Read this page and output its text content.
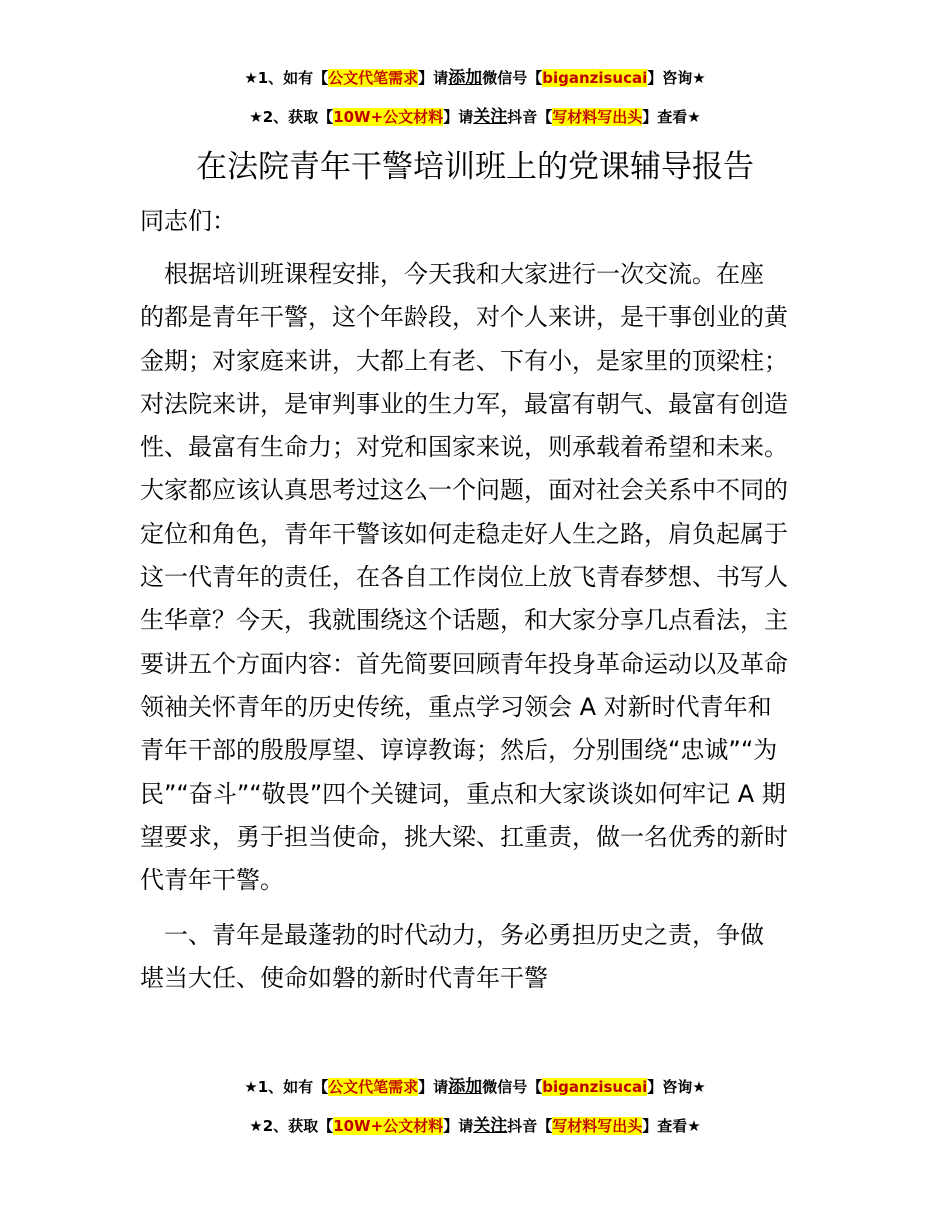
★1、如有【公文代笔需求】请添加微信号【biganzisucai】咨询★
★2、获取【10W+公文材料】请关注抖音【写材料写出头】查看★
在法院青年干警培训班上的党课辅导报告
同志们：
　根据培训班课程安排，今天我和大家进行一次交流。在座
的都是青年干警，这个年龄段，对个人来讲，是干事创业的黄
金期；对家庭来讲，大都上有老、下有小，是家里的顶梁柱；
对法院来讲，是审判事业的生力军，最富有朝气、最富有创造
性、最富有生命力；对党和国家来说，则承载着希望和未来。
大家都应该认真思考过这么一个问题，面对社会关系中不同的
定位和角色，青年干警该如何走稳走好人生之路，肩负起属于
这一代青年的责任，在各自工作岗位上放飞青春梦想、书写人
生华章？今天，我就围绕这个话题，和大家分享几点看法，主
要讲五个方面内容：首先简要回顾青年投身革命运动以及革命
领袖关怀青年的历史传统，重点学习领会 A 对新时代青年和
青年干部的殷殷厚望、谆谆教诲；然后，分别围绕“忠诚”“为
民”“奋斗”“敬畏”四个关键词，重点和大家谈谈如何牢记 A 期
望要求，勇于担当使命，挑大梁、扛重责，做一名优秀的新时
代青年干警。
　一、青年是最蓬勃的时代动力，务必勇担历史之责，争做
堪当大任、使命如磐的新时代青年干警
★1、如有【公文代笔需求】请添加微信号【biganzisucai】咨询★
★2、获取【10W+公文材料】请关注抖音【写材料写出头】查看★
